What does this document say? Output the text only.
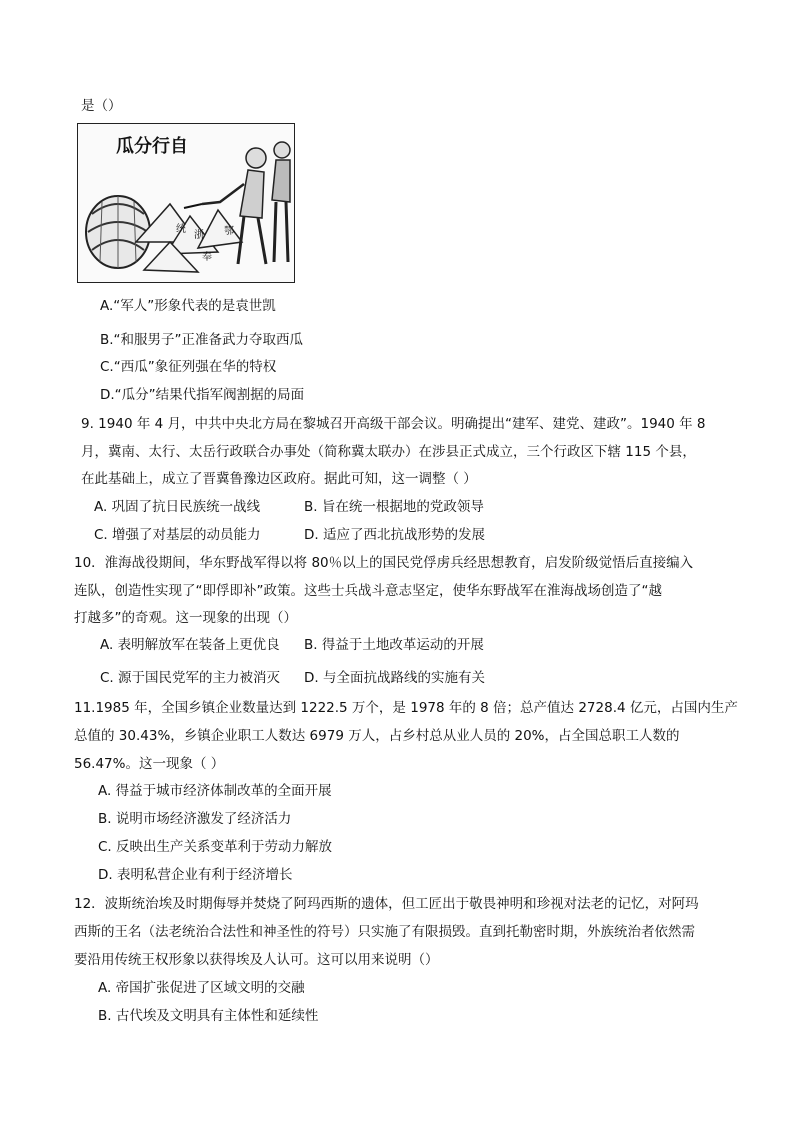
是（）
瓜分行自
统
浙 鄂
奉
A.“军人”形象代表的是袁世凯
B.“和服男子”正准备武力夺取西瓜
C.“西瓜”象征列强在华的特权
D.“瓜分”结果代指军阀割据的局面
9. 1940 年 4 月，中共中央北方局在黎城召开高级干部会议。明确提出“建军、建党、建政”。1940 年 8
月，冀南、太行、太岳行政联合办事处（简称冀太联办）在涉县正式成立，三个行政区下辖 115 个县，
在此基础上，成立了晋冀鲁豫边区政府。据此可知，这一调整（ ）
A. 巩固了抗日民族统一战线	B. 旨在统一根据地的党政领导
C. 增强了对基层的动员能力	D. 适应了西北抗战形势的发展
10．淮海战役期间，华东野战军得以将 80％以上的国民党俘虏兵经思想教育，启发阶级觉悟后直接编入
连队，创造性实现了“即俘即补”政策。这些士兵战斗意志坚定，使华东野战军在淮海战场创造了“越
打越多”的奇观。这一现象的出现（）
A. 表明解放军在装备上更优良 B. 得益于土地改革运动的开展
C. 源于国民党军的主力被消灭 D. 与全面抗战路线的实施有关
11.1985 年，全国乡镇企业数量达到 1222.5 万个，是 1978 年的 8 倍；总产值达 2728.4 亿元，占国内生产
总值的 30.43%，乡镇企业职工人数达 6979 万人，占乡村总从业人员的 20%，占全国总职工人数的
56.47%。这一现象（ ）
A. 得益于城市经济体制改革的全面开展
B. 说明市场经济激发了经济活力
C. 反映出生产关系变革利于劳动力解放
D. 表明私营企业有利于经济增长
12．波斯统治埃及时期侮辱并焚烧了阿玛西斯的遗体，但工匠出于敬畏神明和珍视对法老的记忆，对阿玛
西斯的王名（法老统治合法性和神圣性的符号）只实施了有限损毁。直到托勒密时期，外族统治者依然需
要沿用传统王权形象以获得埃及人认可。这可以用来说明（）
A. 帝国扩张促进了区域文明的交融
B. 古代埃及文明具有主体性和延续性
